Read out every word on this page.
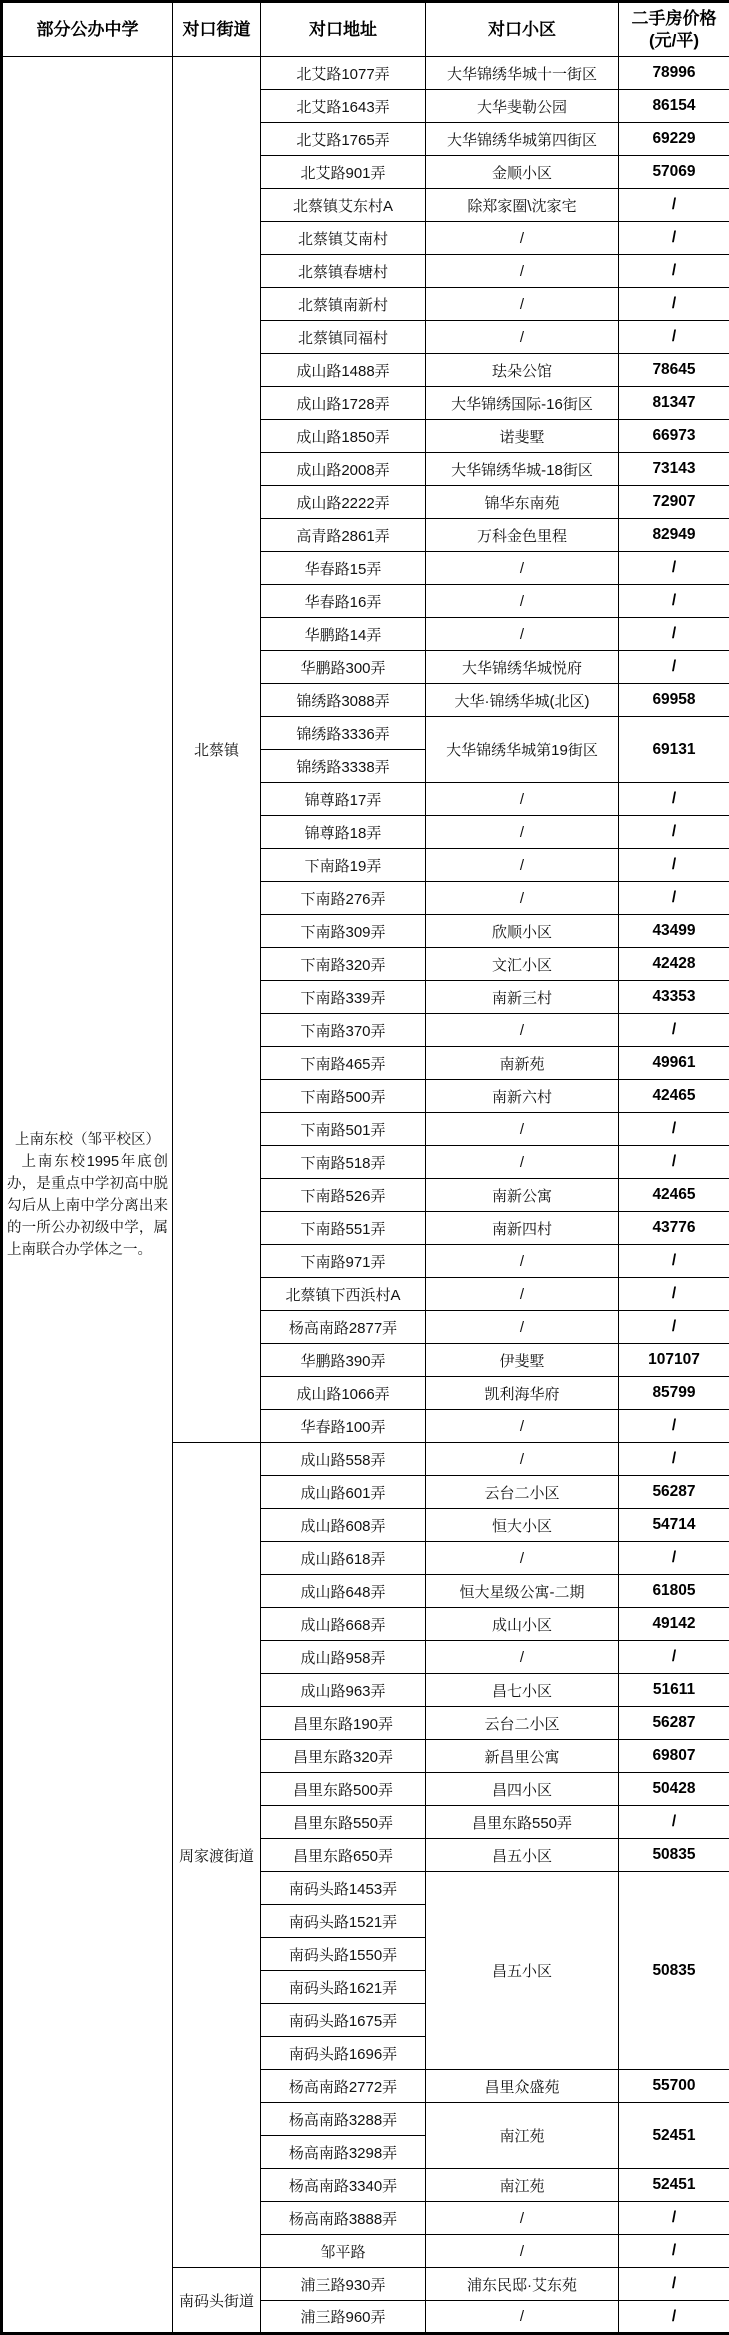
部分公办中学	对口街道	对口地址	对口小区	二手房价格
(元/平)

上南东校（邹平校区）
上南东校1995年底创办，是重点中学初高中脱勾后从上南中学分离出来的一所公办初级中学，属上南联合办学体之一。	北蔡镇	北艾路1077弄	大华锦绣华城十一街区	78996
		北艾路1643弄	大华斐勒公园	86154
		北艾路1765弄	大华锦绣华城第四街区	69229
		北艾路901弄	金顺小区	57069
		北蔡镇艾东村A	除郑家圈\沈家宅	/
		北蔡镇艾南村	/	/
		北蔡镇春塘村	/	/
		北蔡镇南新村	/	/
		北蔡镇同福村	/	/
		成山路1488弄	珐朵公馆	78645
		成山路1728弄	大华锦绣国际-16街区	81347
		成山路1850弄	诺斐墅	66973
		成山路2008弄	大华锦绣华城-18街区	73143
		成山路2222弄	锦华东南苑	72907
		高青路2861弄	万科金色里程	82949
		华春路15弄	/	/
		华春路16弄	/	/
		华鹏路14弄	/	/
		华鹏路300弄	大华锦绣华城悦府	/
		锦绣路3088弄	大华·锦绣华城(北区)	69958
		锦绣路3336弄	大华锦绣华城第19街区	69131
		锦绣路3338弄		
		锦尊路17弄	/	/
		锦尊路18弄	/	/
		下南路19弄	/	/
		下南路276弄	/	/
		下南路309弄	欣顺小区	43499
		下南路320弄	文汇小区	42428
		下南路339弄	南新三村	43353
		下南路370弄	/	/
		下南路465弄	南新苑	49961
		下南路500弄	南新六村	42465
		下南路501弄	/	/
		下南路518弄	/	/
		下南路526弄	南新公寓	42465
		下南路551弄	南新四村	43776
		下南路971弄	/	/
		北蔡镇下西浜村A	/	/
		杨高南路2877弄	/	/
		华鹏路390弄	伊斐墅	107107
		成山路1066弄	凯利海华府	85799
		华春路100弄	/	/
	周家渡街道	成山路558弄	/	/
		成山路601弄	云台二小区	56287
		成山路608弄	恒大小区	54714
		成山路618弄	/	/
		成山路648弄	恒大星级公寓-二期	61805
		成山路668弄	成山小区	49142
		成山路958弄	/	/
		成山路963弄	昌七小区	51611
		昌里东路190弄	云台二小区	56287
		昌里东路320弄	新昌里公寓	69807
		昌里东路500弄	昌四小区	50428
		昌里东路550弄	昌里东路550弄	/
		昌里东路650弄	昌五小区	50835
		南码头路1453弄	昌五小区	50835
		南码头路1521弄		
		南码头路1550弄		
		南码头路1621弄		
		南码头路1675弄		
		南码头路1696弄		
		杨高南路2772弄	昌里众盛苑	55700
		杨高南路3288弄	南江苑	52451
		杨高南路3298弄		
		杨高南路3340弄	南江苑	52451
		杨高南路3888弄	/	/
		邹平路	/	/
	南码头街道	浦三路930弄	浦东民邸·艾东苑	/
		浦三路960弄	/	/
